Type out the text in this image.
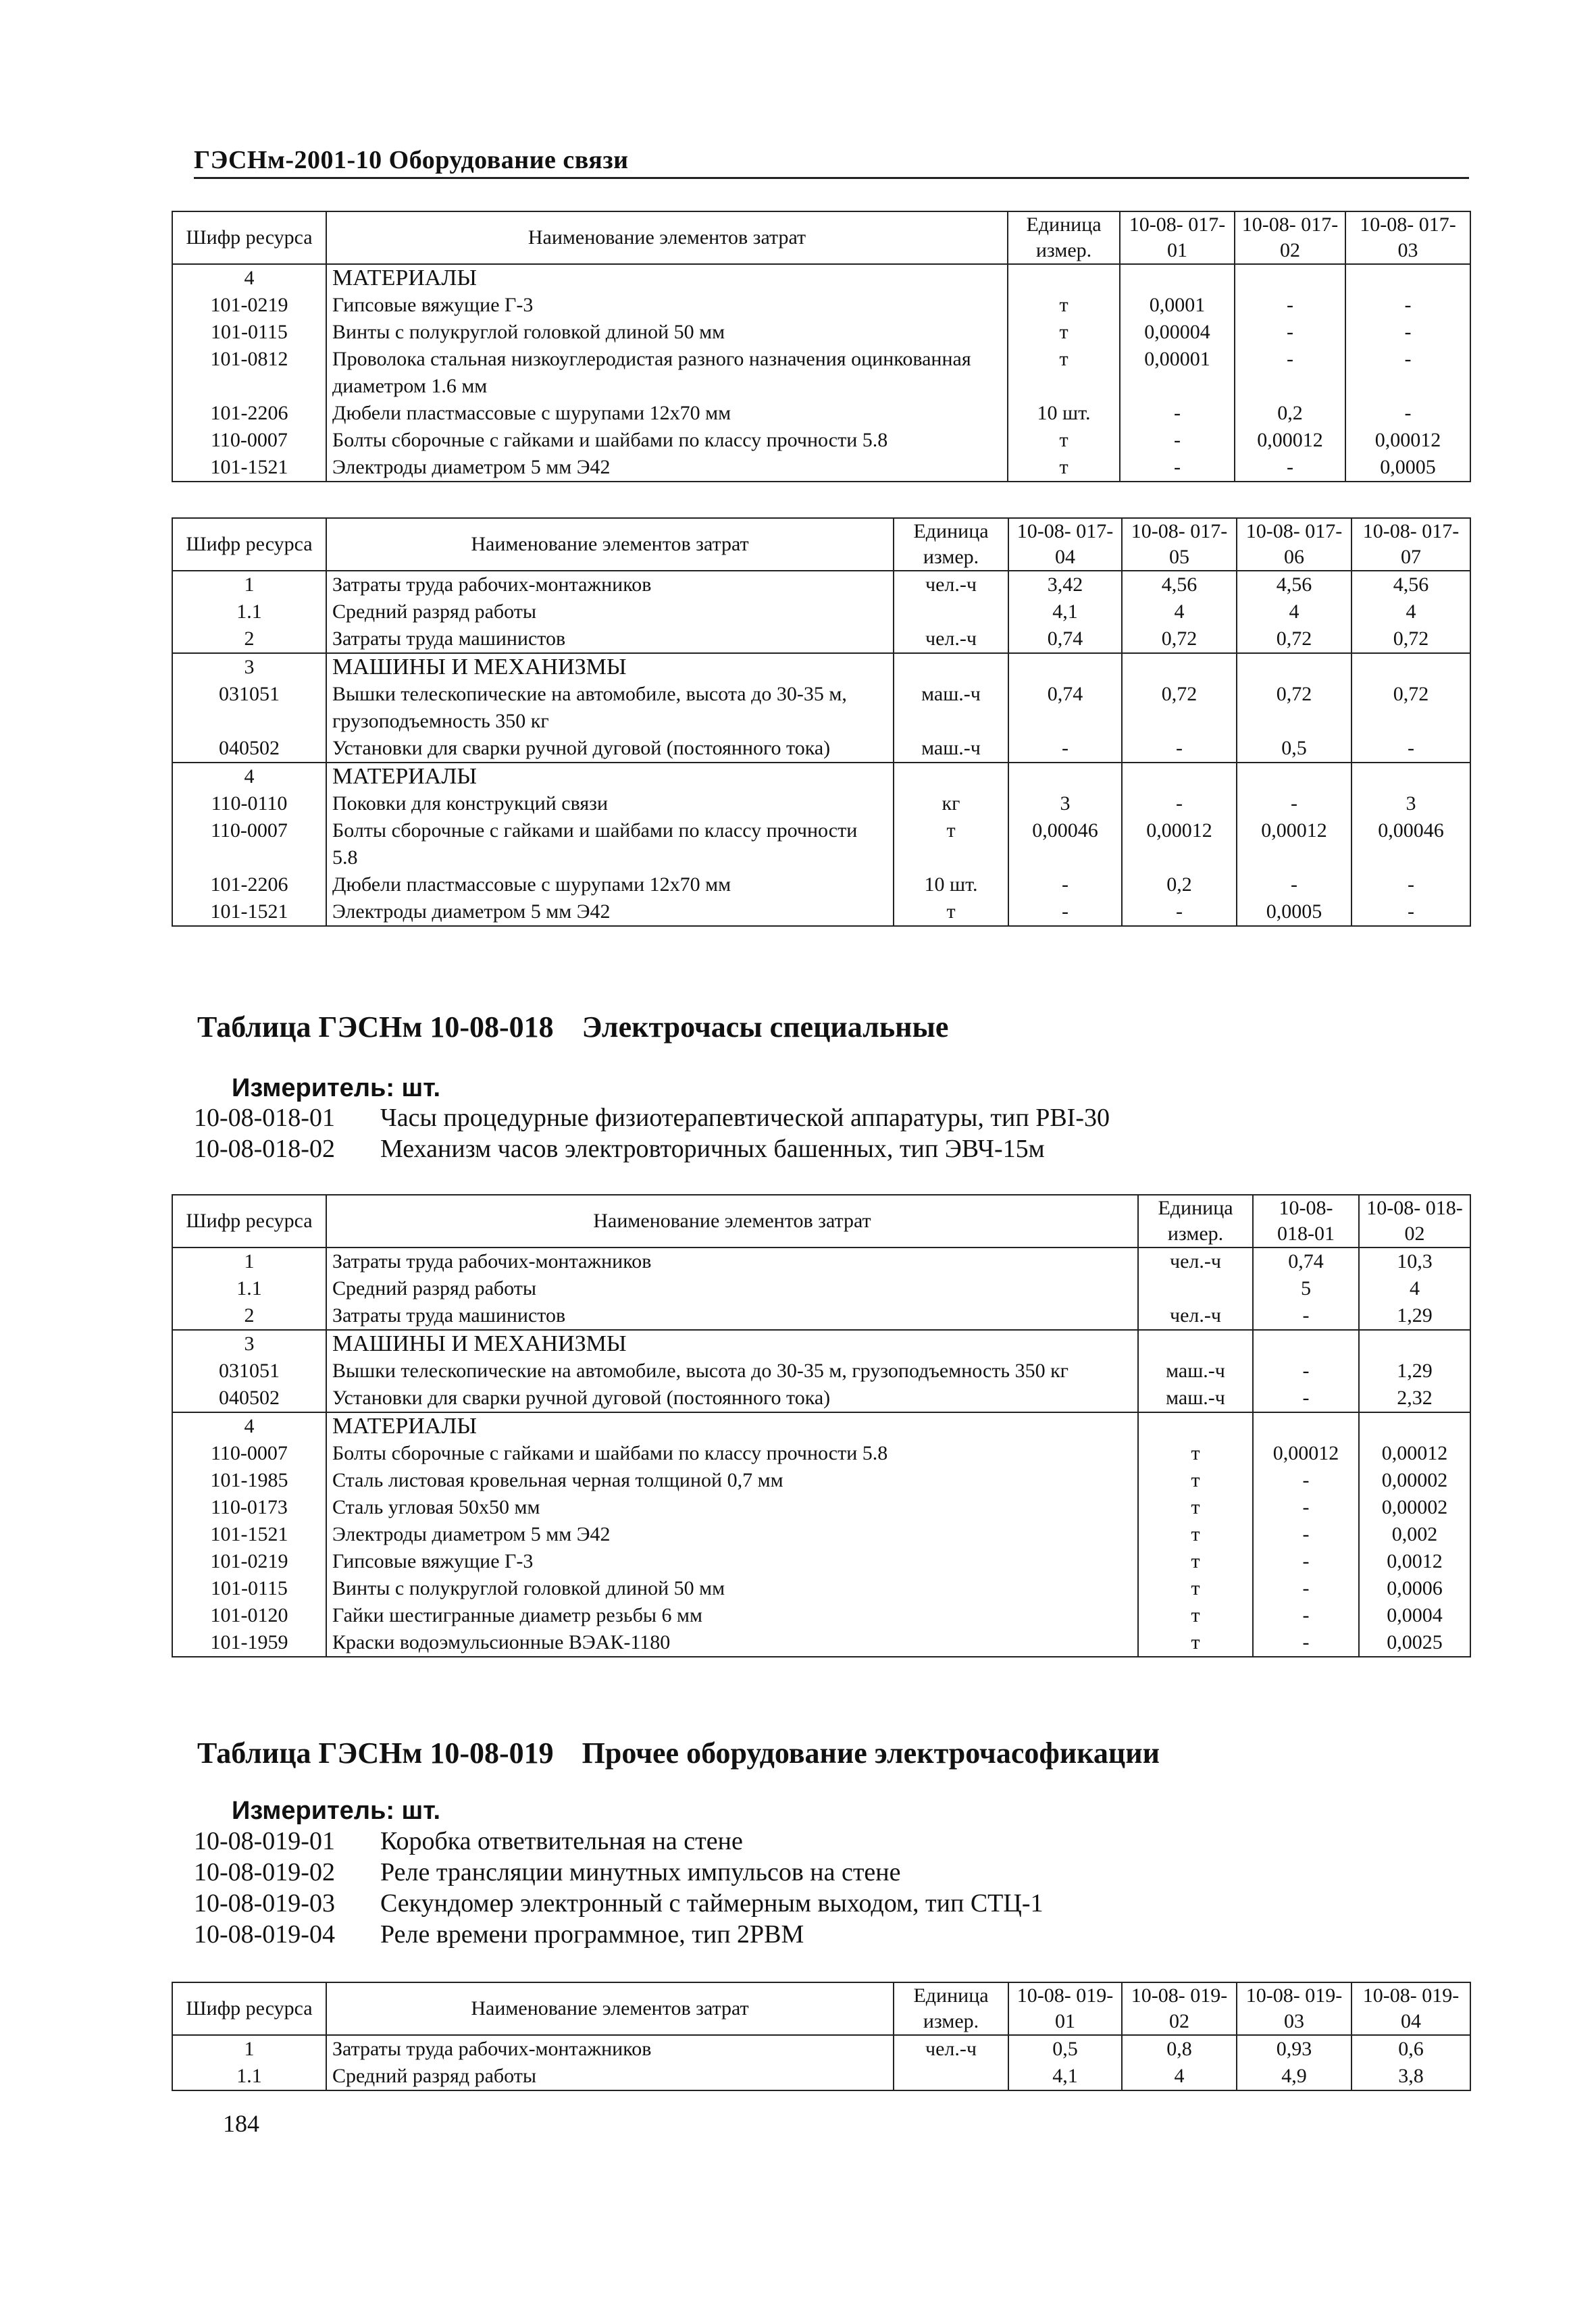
ГЭСНм-2001-10 Оборудование связи
Шифр ресурса	Наименование элементов затрат	Единица измер.	10-08- 017-01	10-08- 017-02	10-08- 017-03
4	МАТЕРИАЛЫ				
101-0219	Гипсовые вяжущие Г-3	т	0,0001	-	-
101-0115	Винты с полукруглой головкой длиной 50 мм	т	0,00004	-	-
101-0812	Проволока стальная низкоуглеродистая разного назначения оцинкованная диаметром 1.6 мм	т	0,00001	-	-
101-2206	Дюбели пластмассовые с шурупами 12х70 мм	10 шт.	-	0,2	-
110-0007	Болты сборочные с гайками и шайбами по классу прочности 5.8	т	-	0,00012	0,00012
101-1521	Электроды диаметром 5 мм Э42	т	-	-	0,0005
Шифр ресурса	Наименование элементов затрат	Единица измер.	10-08- 017-04	10-08- 017-05	10-08- 017-06	10-08- 017-07
1	Затраты труда рабочих-монтажников	чел.-ч	3,42	4,56	4,56	4,56
1.1	Средний разряд работы		4,1	4	4	4
2	Затраты труда машинистов	чел.-ч	0,74	0,72	0,72	0,72
3	МАШИНЫ И МЕХАНИЗМЫ					
031051	Вышки телескопические на автомобиле, высота до 30-35 м, грузоподъемность 350 кг	маш.-ч	0,74	0,72	0,72	0,72
040502	Установки для сварки ручной дуговой (постоянного тока)	маш.-ч	-	-	0,5	-
4	МАТЕРИАЛЫ					
110-0110	Поковки для конструкций связи	кг	3	-	-	3
110-0007	Болты сборочные с гайками и шайбами по классу прочности 5.8	т	0,00046	0,00012	0,00012	0,00046
101-2206	Дюбели пластмассовые с шурупами 12х70 мм	10 шт.	-	0,2	-	-
101-1521	Электроды диаметром 5 мм Э42	т	-	-	0,0005	-
Таблица ГЭСНм 10-08-018 Электрочасы специальные
Измеритель: шт.
10-08-018-01 Часы процедурные физиотерапевтической аппаратуры, тип РВI-30
10-08-018-02 Механизм часов электровторичных башенных, тип ЭВЧ-15м
Шифр ресурса	Наименование элементов затрат	Единица измер.	10-08- 018-01	10-08- 018-02
1	Затраты труда рабочих-монтажников	чел.-ч	0,74	10,3
1.1	Средний разряд работы		5	4
2	Затраты труда машинистов	чел.-ч	-	1,29
3	МАШИНЫ И МЕХАНИЗМЫ			
031051	Вышки телескопические на автомобиле, высота до 30-35 м, грузоподъемность 350 кг	маш.-ч	-	1,29
040502	Установки для сварки ручной дуговой (постоянного тока)	маш.-ч	-	2,32
4	МАТЕРИАЛЫ			
110-0007	Болты сборочные с гайками и шайбами по классу прочности 5.8	т	0,00012	0,00012
101-1985	Сталь листовая кровельная черная толщиной 0,7 мм	т	-	0,00002
110-0173	Сталь угловая 50х50 мм	т	-	0,00002
101-1521	Электроды диаметром 5 мм Э42	т	-	0,002
101-0219	Гипсовые вяжущие Г-3	т	-	0,0012
101-0115	Винты с полукруглой головкой длиной 50 мм	т	-	0,0006
101-0120	Гайки шестигранные диаметр резьбы 6 мм	т	-	0,0004
101-1959	Краски водоэмульсионные ВЭАК-1180	т	-	0,0025
Таблица ГЭСНм 10-08-019 Прочее оборудование электрочасофикации
Измеритель: шт.
10-08-019-01 Коробка ответвительная на стене
10-08-019-02 Реле трансляции минутных импульсов на стене
10-08-019-03 Секундомер электронный с таймерным выходом, тип СТЦ-1
10-08-019-04 Реле времени программное, тип 2РВМ
Шифр ресурса	Наименование элементов затрат	Единица измер.	10-08- 019-01	10-08- 019-02	10-08- 019-03	10-08- 019-04
1	Затраты труда рабочих-монтажников	чел.-ч	0,5	0,8	0,93	0,6
1.1	Средний разряд работы		4,1	4	4,9	3,8
184
